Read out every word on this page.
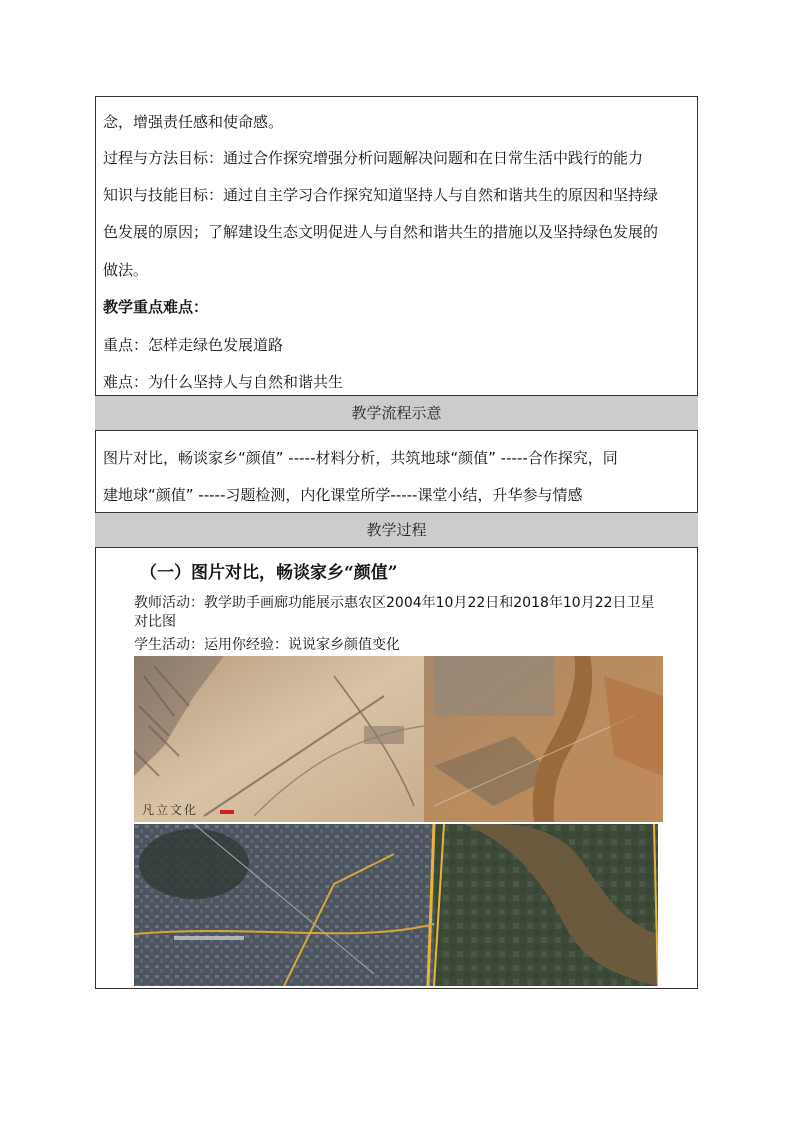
念，增强责任感和使命感。
过程与方法目标：通过合作探究增强分析问题解决问题和在日常生活中践行的能力
知识与技能目标：通过自主学习合作探究知道坚持人与自然和谐共生的原因和坚持绿
色发展的原因；了解建设生态文明促进人与自然和谐共生的措施以及坚持绿色发展的
做法。
教学重点难点：
重点：怎样走绿色发展道路
难点：为什么坚持人与自然和谐共生
教学流程示意
图片对比，畅谈家乡“颜值” -----材料分析，共筑地球“颜值” -----合作探究，同
建地球“颜值” -----习题检测，内化课堂所学-----课堂小结，升华参与情感
教学过程
（一）图片对比，畅谈家乡“颜值”
教师活动：教学助手画廊功能展示惠农区2004年10月22日和2018年10月22日卫星
对比图
学生活动：运用你经验：说说家乡颜值变化
凡立文化
